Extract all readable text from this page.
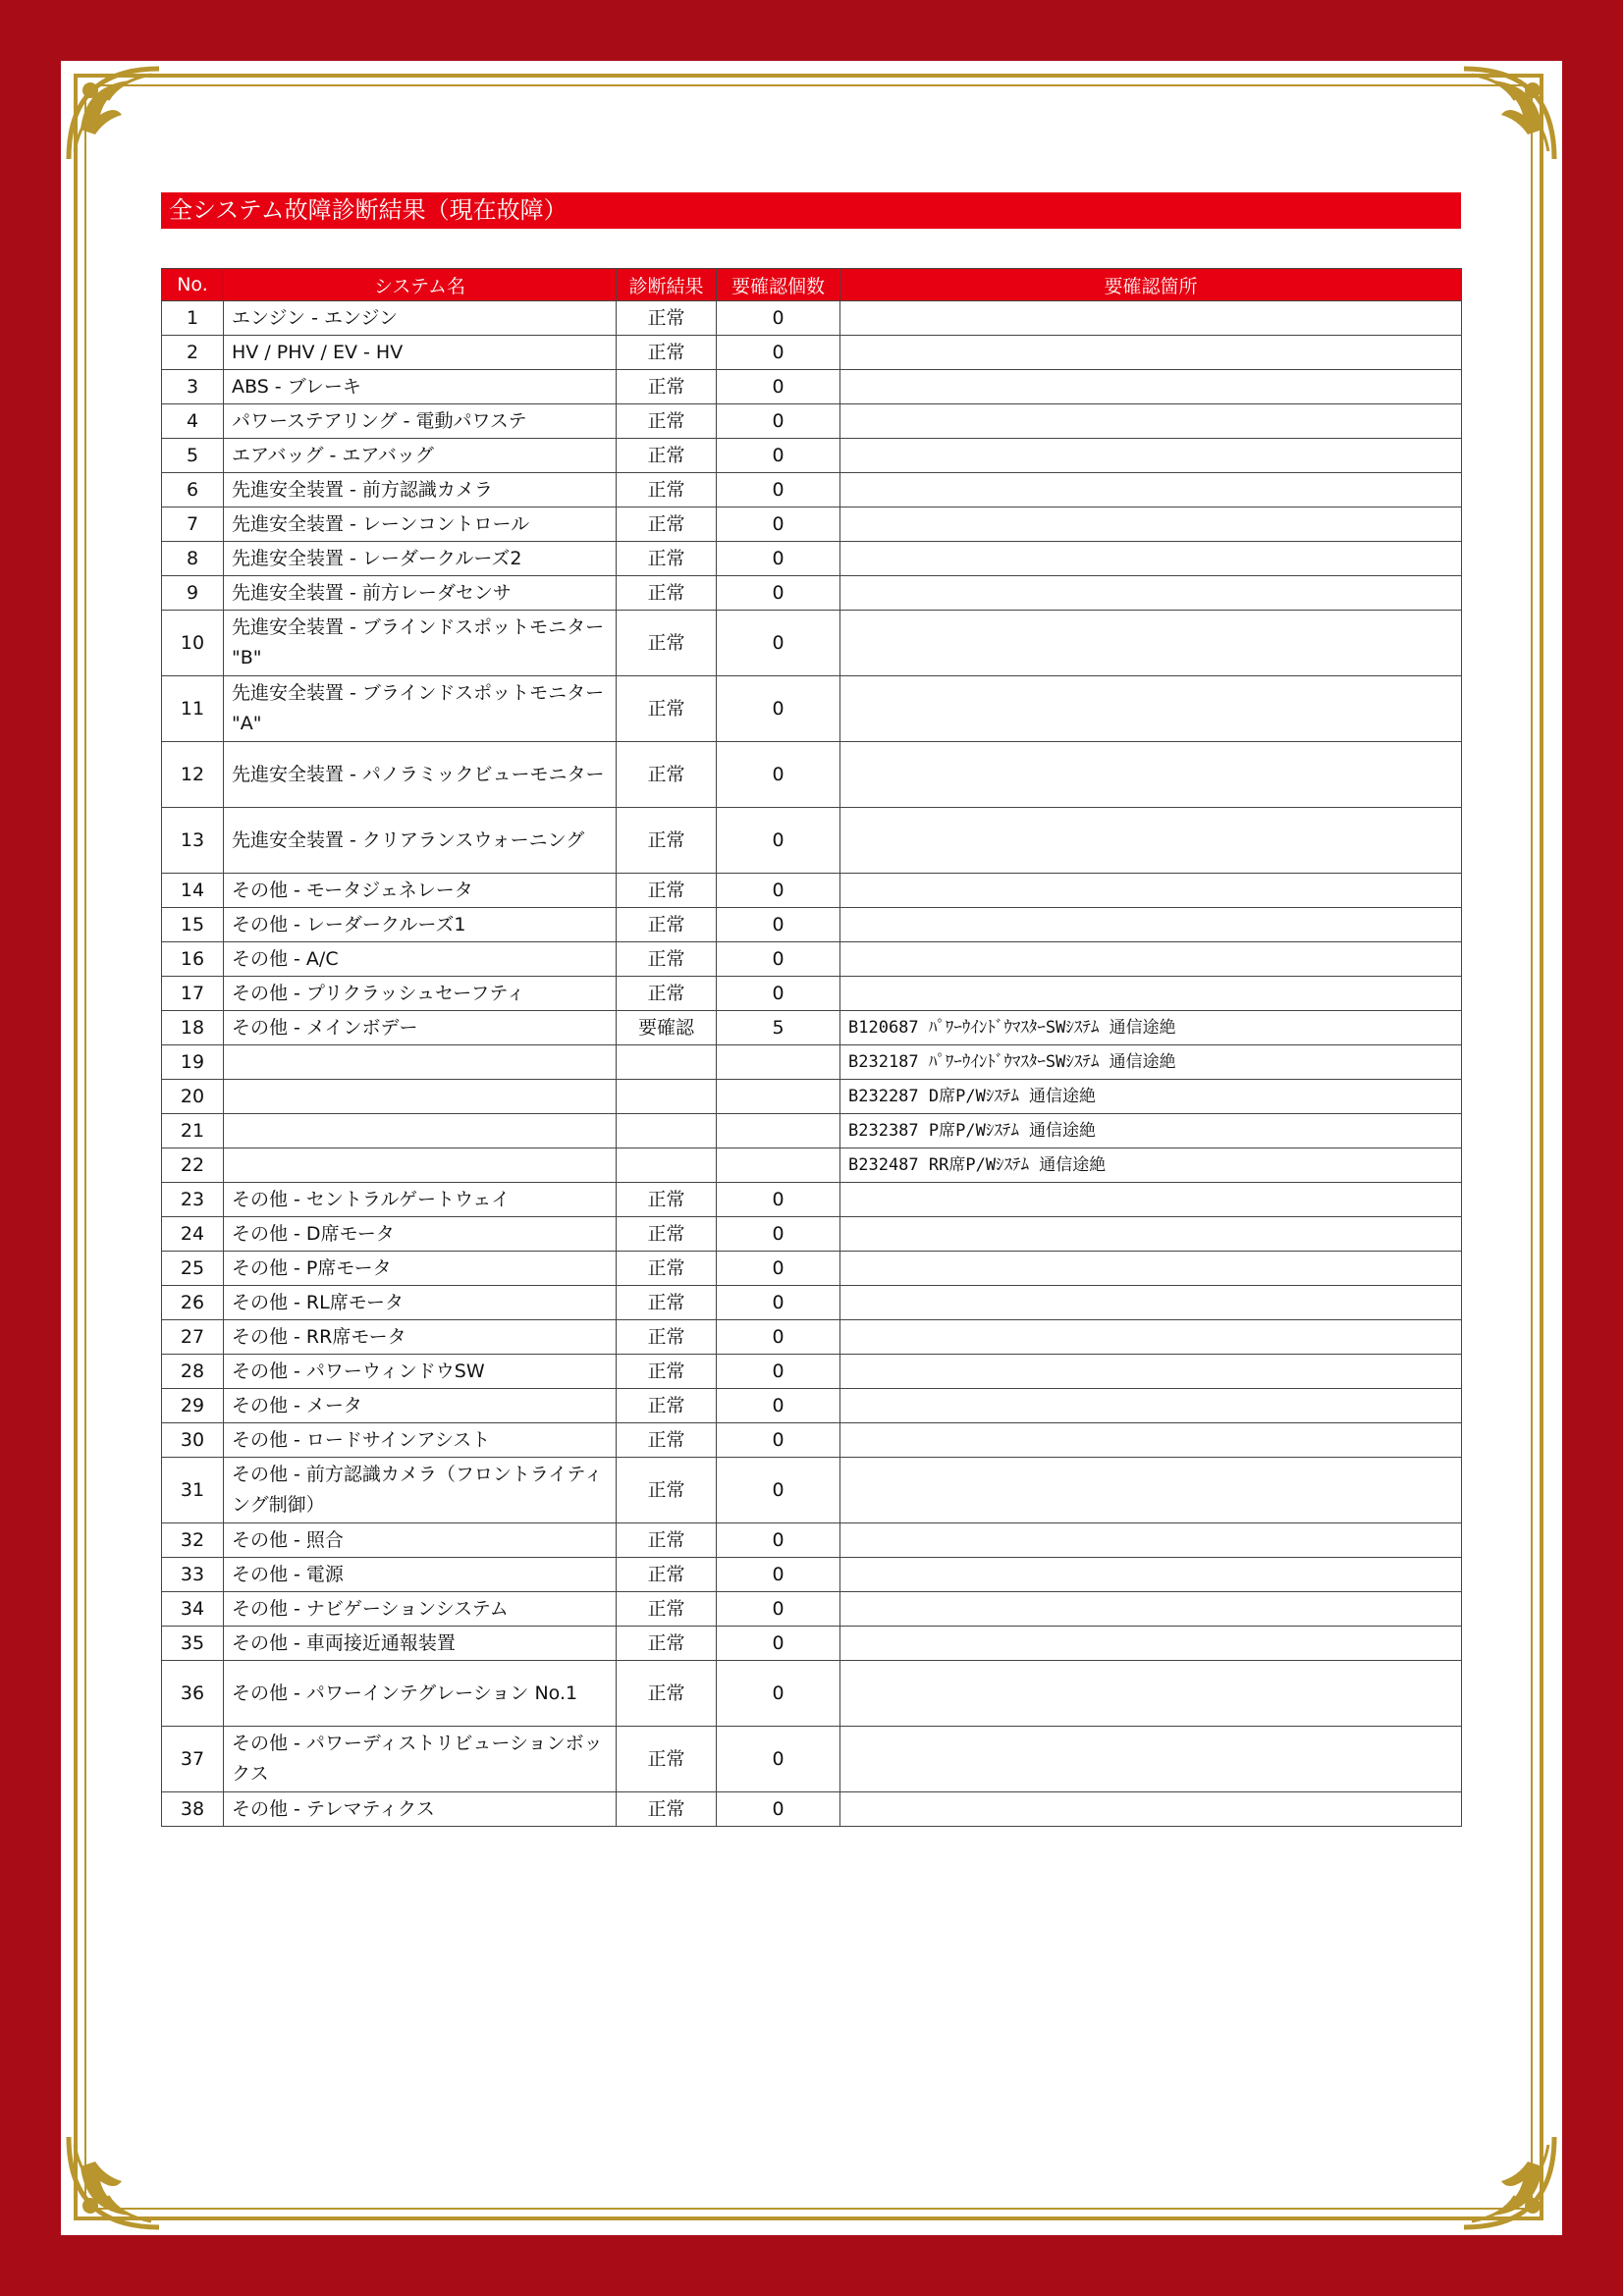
全システム故障診断結果（現在故障）
No.	システム名	診断結果	要確認個数	要確認箇所
1	エンジン - エンジン	正常	0	
2	HV / PHV / EV - HV	正常	0	
3	ABS - ブレーキ	正常	0	
4	パワーステアリング - 電動パワステ	正常	0	
5	エアバッグ - エアバッグ	正常	0	
6	先進安全装置 - 前方認識カメラ	正常	0	
7	先進安全装置 - レーンコントロール	正常	0	
8	先進安全装置 - レーダークルーズ2	正常	0	
9	先進安全装置 - 前方レーダセンサ	正常	0	
10	先進安全装置 - ブラインドスポットモニター "B"	正常	0	
11	先進安全装置 - ブラインドスポットモニター "A"	正常	0	
12	先進安全装置 - パノラミックビューモニター	正常	0	
13	先進安全装置 - クリアランスウォーニング	正常	0	
14	その他 - モータジェネレータ	正常	0	
15	その他 - レーダークルーズ1	正常	0	
16	その他 - A/C	正常	0	
17	その他 - プリクラッシュセーフティ	正常	0	
18	その他 - メインボデー	要確認	5	B120687 ﾊﾟﾜｰｳｲﾝﾄﾞｳﾏｽﾀｰSWｼｽﾃﾑ 通信途絶
19				B232187 ﾊﾟﾜｰｳｲﾝﾄﾞｳﾏｽﾀｰSWｼｽﾃﾑ 通信途絶
20				B232287 D席P/Wｼｽﾃﾑ 通信途絶
21				B232387 P席P/Wｼｽﾃﾑ 通信途絶
22				B232487 RR席P/Wｼｽﾃﾑ 通信途絶
23	その他 - セントラルゲートウェイ	正常	0	
24	その他 - D席モータ	正常	0	
25	その他 - P席モータ	正常	0	
26	その他 - RL席モータ	正常	0	
27	その他 - RR席モータ	正常	0	
28	その他 - パワーウィンドウSW	正常	0	
29	その他 - メータ	正常	0	
30	その他 - ロードサインアシスト	正常	0	
31	その他 - 前方認識カメラ（フロントライティング制御）	正常	0	
32	その他 - 照合	正常	0	
33	その他 - 電源	正常	0	
34	その他 - ナビゲーションシステム	正常	0	
35	その他 - 車両接近通報装置	正常	0	
36	その他 - パワーインテグレーション No.1	正常	0	
37	その他 - パワーディストリビューションボックス	正常	0	
38	その他 - テレマティクス	正常	0	
